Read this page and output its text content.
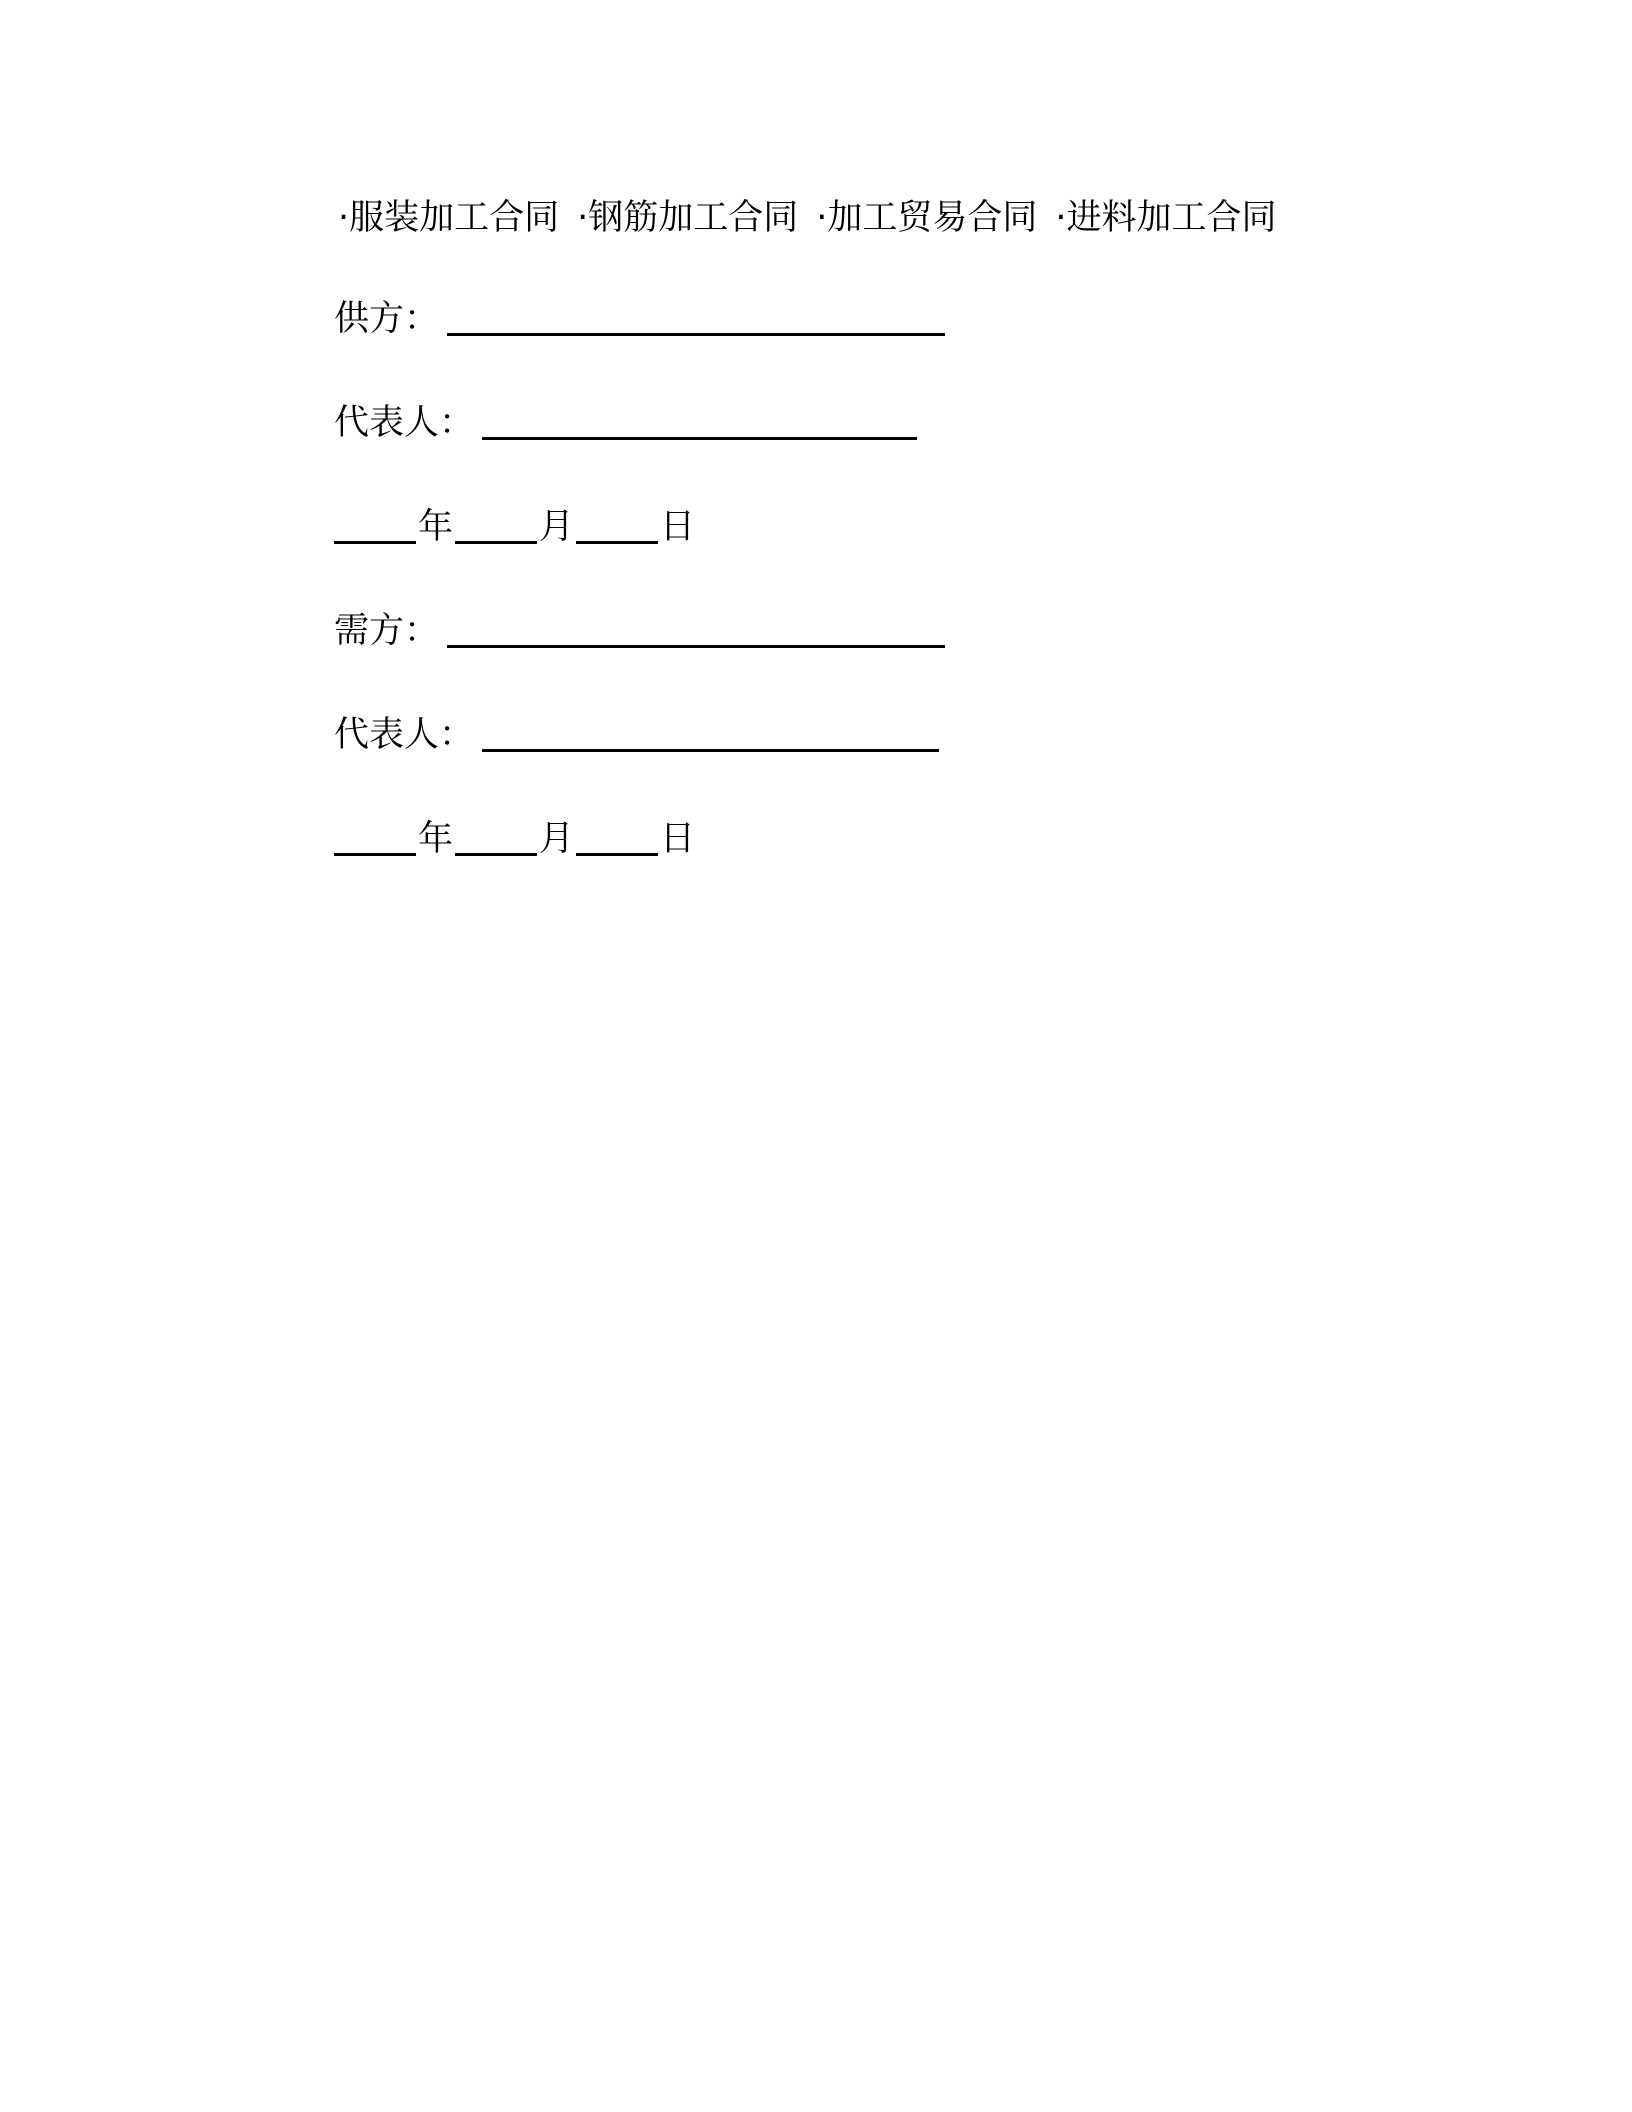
·服装加工合同 ·钢筋加工合同 ·加工贸易合同 ·进料加工合同
供方：
代表人：
年 月 日
需方：
代表人：
年 月 日
